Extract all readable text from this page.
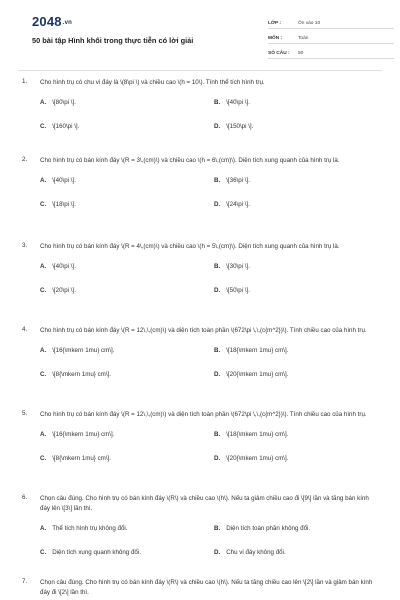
2048.vn
50 bài tập Hình khối trong thực tiễn có lời giải
LỚP :	Ôn vào 10
MÔN :	Toán
SỐ CÂU :	50
1. Cho hình trụ có chu vi đáy là \(8\pi \) và chiều cao \(h = 10\). Tính thể tích hình trụ.
A. \[80\pi \].	B. \[40\pi \].
C. \[160\pi \].	D. \[150\pi \].
2. Cho hình trụ có bán kính đáy \(R = 3\,(cm)\) và chiều cao \(h = 6\,(cm)\). Diện tích xung quanh của hình trụ là.
A. \[40\pi \].	B. \[36\pi \].
C. \[18\pi \].	D. \[24\pi \].
3. Cho hình trụ có bán kính đáy \(R = 4\,(cm)\) và chiều cao \(h = 5\,(cm)\). Diện tích xung quanh của hình trụ là.
A. \[40\pi \].	B. \[30\pi \].
C. \[20\pi \].	D. \[50\pi \].
4. Cho hình trụ có bán kính đáy \(R = 12\,\,(cm)\) và diện tích toàn phần \(672\pi \,\,(c{m^2})\). Tính chiều cao của hình trụ.
A. \[16{\mkern 1mu} cm\].	B. \[18{\mkern 1mu} cm\].
C. \[8{\mkern 1mu} cm\].	D. \[20{\mkern 1mu} cm\].
5. Cho hình trụ có bán kính đáy \(R = 12\,\,(cm)\) và diện tích toàn phần \(672\pi \,\,(c{m^2})\). Tính chiều cao của hình trụ.
A. \[16{\mkern 1mu} cm\].	B. \[18{\mkern 1mu} cm\].
C. \[8{\mkern 1mu} cm\].	D. \[20{\mkern 1mu} cm\].
6. Chọn câu đúng. Cho hình trụ có bán kính đáy \(R\) và chiều cao \(h\). Nếu ta giảm chiều cao đi \[9\] lần và tăng bán kính đáy lên \[3\] lần thì.
A. Thể tích hình trụ không đổi.	B. Diện tích toàn phần không đổi.
C. Diện tích xung quanh không đổi.	D. Chu vi đáy không đổi.
7. Chọn câu đúng. Cho hình trụ có bán kính đáy \(R\) và chiều cao \(h\). Nếu ta tăng chiều cao lên \[2\] lần và giảm bán kính đáy đi \[2\] lần thì.
